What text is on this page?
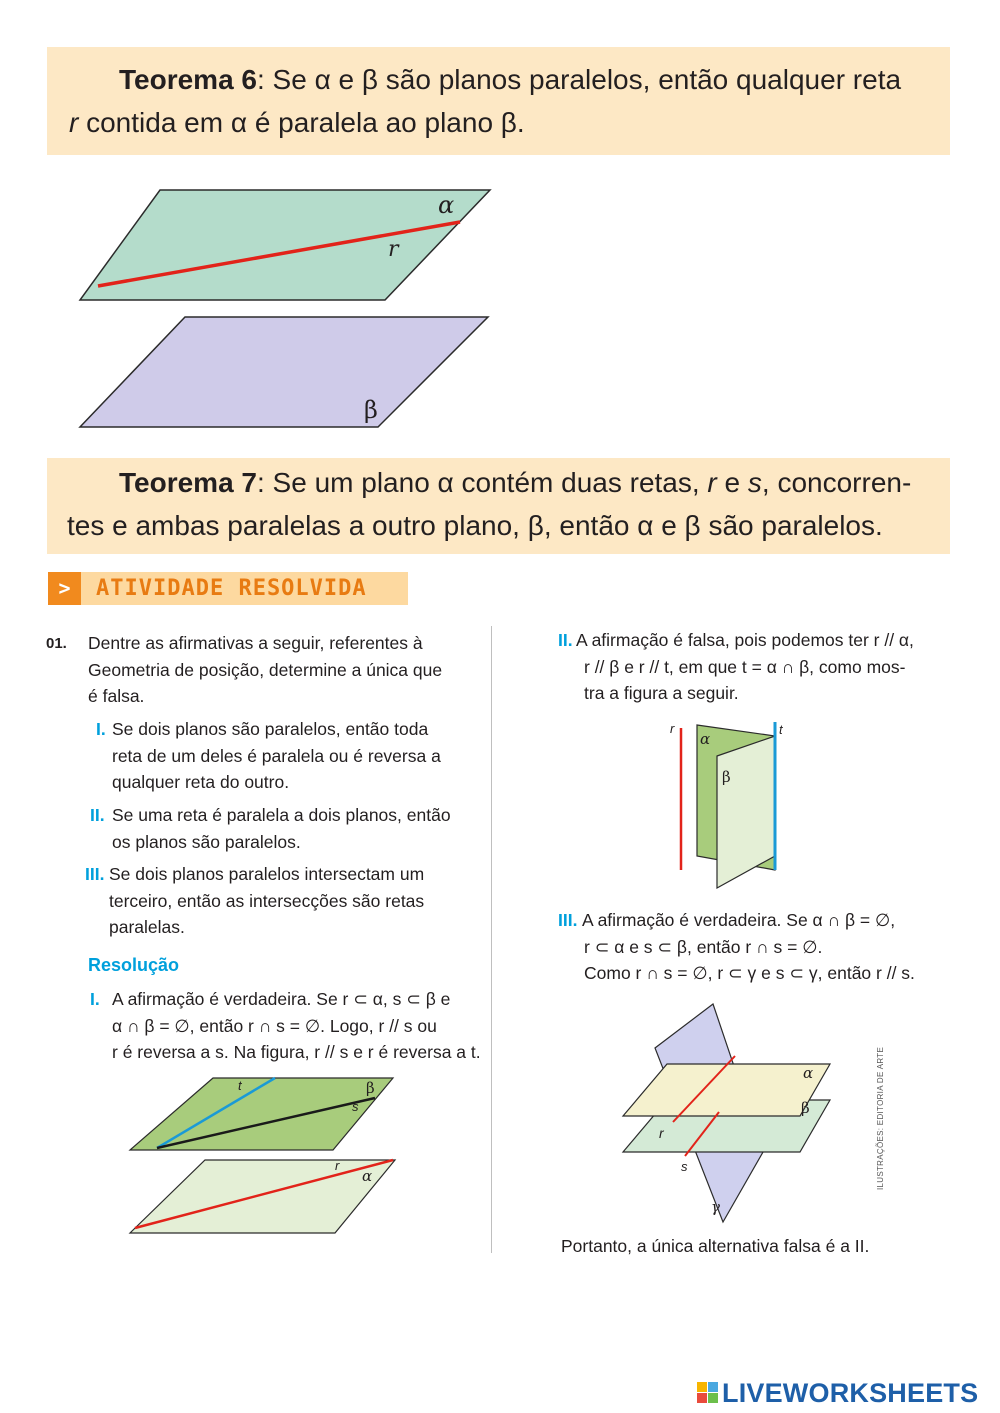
Teorema 6: Se α e β são planos paralelos, então qualquer reta
r contida em α é paralela ao plano β.
α
r
β
Teorema 7: Se um plano α contém duas retas, r e s, concorren-
tes e ambas paralelas a outro plano, β, então α e β são paralelos.
>	ATIVIDADE RESOLVIDA
01. Dentre as afirmativas a seguir, referentes à
Geometria de posição, determine a única que
é falsa.
I. Se dois planos são paralelos, então toda
reta de um deles é paralela ou é reversa a
qualquer reta do outro.
II. Se uma reta é paralela a dois planos, então
os planos são paralelos.
III. Se dois planos paralelos intersectam um
terceiro, então as intersecções são retas
paralelas.
Resolução
I. A afirmação é verdadeira. Se r ⊂ α, s ⊂ β e
α ∩ β = ∅, então r ∩ s = ∅. Logo, r // s ou
r é reversa a s. Na figura, r // s e r é reversa a t.
t	β
s
r
α
II. A afirmação é falsa, pois podemos ter r // α,
r // β e r // t, em que t = α ∩ β, como mos-
tra a figura a seguir.
r
α
t
β
III. A afirmação é verdadeira. Se α ∩ β = ∅,
r ⊂ α e s ⊂ β, então r ∩ s = ∅.
Como r ∩ s = ∅, r ⊂ γ e s ⊂ γ, então r // s.
α
β
r
s
γ
ILUSTRAÇÕES: EDITORIA DE ARTE
Portanto, a única alternativa falsa é a II.
LIVEWORKSHEETS
